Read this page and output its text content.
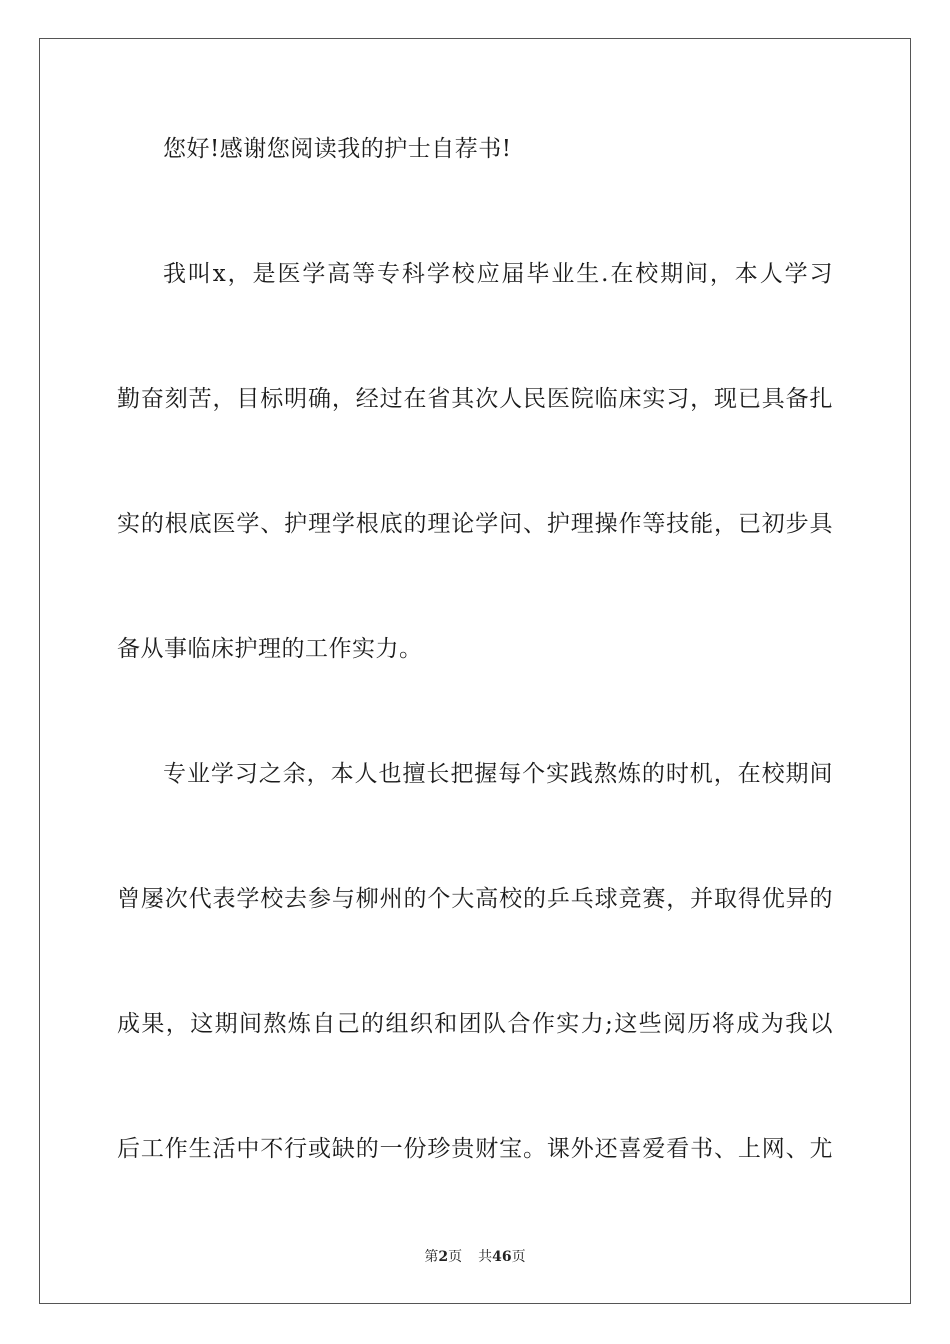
您好!感谢您阅读我的护士自荐书!
我叫x，是医学高等专科学校应届毕业生.在校期间，本人学习
勤奋刻苦，目标明确，经过在省其次人民医院临床实习，现已具备扎
实的根底医学、护理学根底的理论学问、护理操作等技能，已初步具
备从事临床护理的工作实力。
专业学习之余，本人也擅长把握每个实践熬炼的时机，在校期间
曾屡次代表学校去参与柳州的个大高校的乒乓球竞赛，并取得优异的
成果，这期间熬炼自己的组织和团队合作实力;这些阅历将成为我以
后工作生活中不行或缺的一份珍贵财宝。课外还喜爱看书、上网、尤
第2页 共46页
